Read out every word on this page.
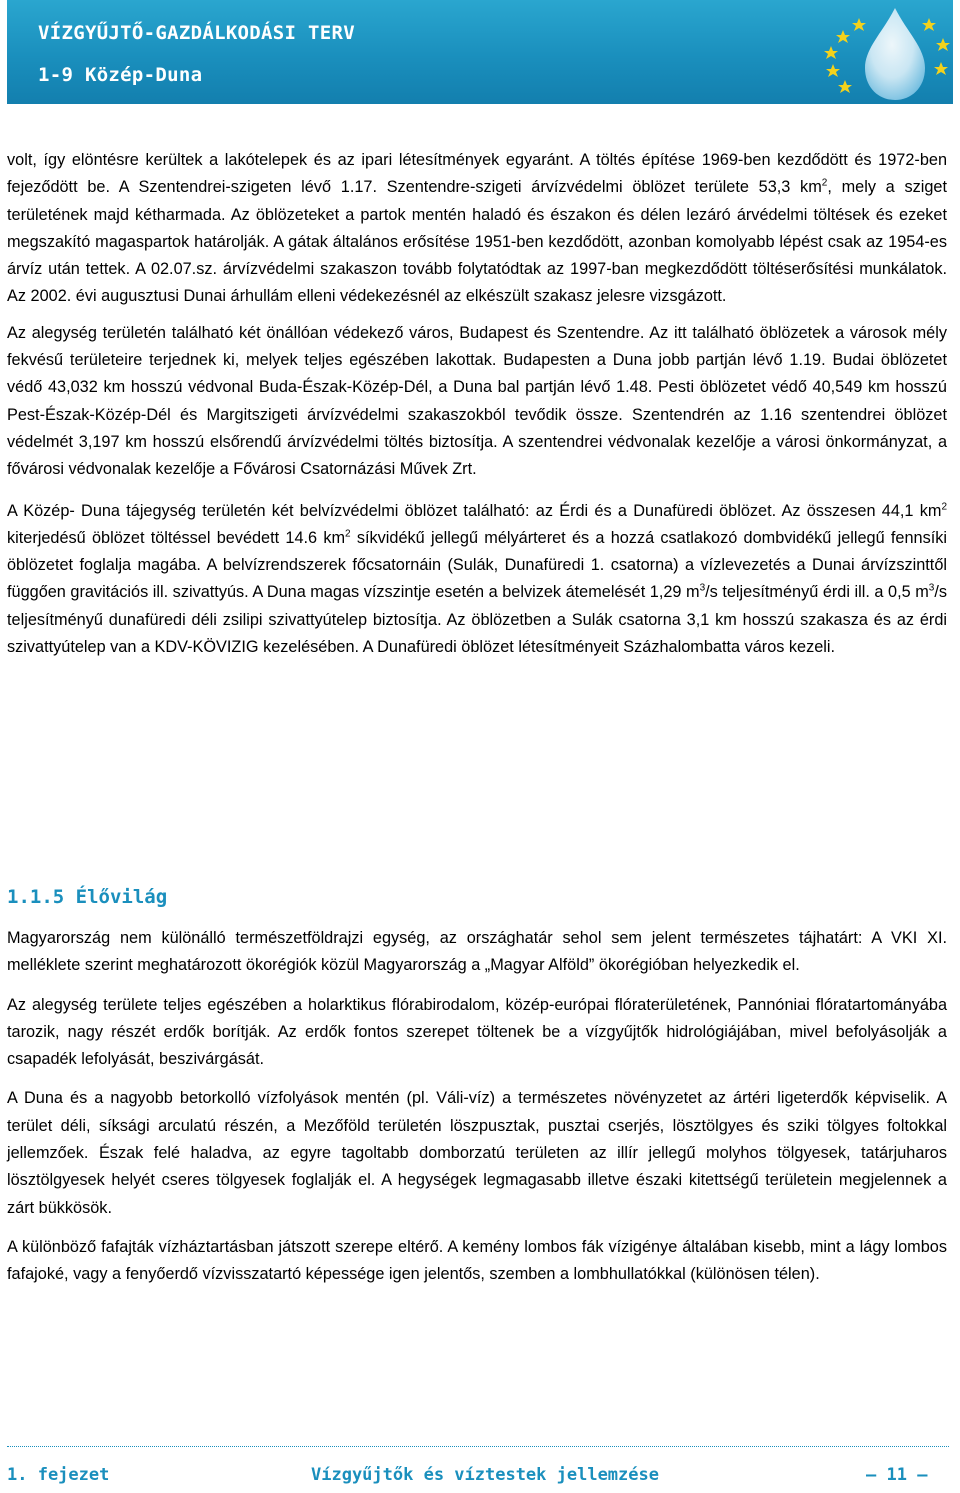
VÍZGYŰJTŐ-GAZDÁLKODÁSI TERV
1-9 Közép-Duna

volt, így elöntésre kerültek a lakótelepek és az ipari létesítmények egyaránt. A töltés építése 1969-ben kezdődött és 1972-ben fejeződött be. A Szentendrei-szigeten lévő 1.17. Szentendre-szigeti árvízvédelmi öblözet területe 53,3 $km^2$, mely a sziget területének majd kétharmada. Az öblözeteket a partok mentén haladó és északon és délen lezáró árvédelmi töltések és ezeket megszakító magaspartok határolják. A gátak általános erősítése 1951-ben kezdődött, azonban komolyabb lépést csak az 1954-es árvíz után tettek. A 02.07.sz. árvízvédelmi szakaszon tovább folytatódtak az 1997-ban megkezdődött töltéserősítési munkálatok. Az 2002. évi augusztusi Dunai árhullám elleni védekezésnél az elkészült szakasz jelesre vizsgázott.

Az alegység területén található két önállóan védekező város, Budapest és Szentendre. Az itt található öblözetek a városok mély fekvésű területeire terjednek ki, melyek teljes egészében lakottak. Budapesten a Duna jobb partján lévő 1.19. Budai öblözetet védő 43,032 km hosszú védvonal Buda-Észak-Közép-Dél, a Duna bal partján lévő 1.48. Pesti öblözetet védő 40,549 km hosszú Pest-Észak-Közép-Dél és Margitszigeti árvízvédelmi szakaszokból tevődik össze. Szentendrén az 1.16 szentendrei öblözet védelmét 3,197 km hosszú elsőrendű árvízvédelmi töltés biztosítja. A szentendrei védvonalak kezelője a városi önkormányzat, a fővárosi védvonalak kezelője a Fővárosi Csatornázási Művek Zrt.

A Közép- Duna tájegység területén két belvízvédelmi öblözet található: az Érdi és a Dunafüredi öblözet. Az összesen 44,1 $km^2$ kiterjedésű öblözet töltéssel bevédett 14.6 $km^2$ síkvidékű jellegű mélyárteret és a hozzá csatlakozó dombvidékű jellegű fennsíki öblözetet foglalja magába. A belvízrendszerek főcsatornáin (Sulák, Dunafüredi 1. csatorna) a vízlevezetés a Dunai árvízszinttől függően gravitációs ill. szivattyús. A Duna magas vízszintje esetén a belvizek átemelését 1,29 $m^3/s$ teljesítményű érdi ill. a 0,5 $m^3/s$ teljesítményű dunafüredi déli zsilipi szivattyútelep biztosítja. Az öblözetben a Sulák csatorna 3,1 km hosszú szakasza és az érdi szivattyútelep van a KDV-KÖVIZIG kezelésében. A Dunafüredi öblözet létesítményeit Százhalombatta város kezeli.

1.1.5 Élővilág

Magyarország nem különálló természetföldrajzi egység, az országhatár sehol sem jelent természetes tájhatárt: A VKI XI. melléklete szerint meghatározott ökorégiók közül Magyarország a „Magyar Alföld” ökorégióban helyezkedik el.

Az alegység területe teljes egészében a holarktikus flórabirodalom, közép-európai flóraterületének, Pannóniai flóratartományába tarozik, nagy részét erdők borítják. Az erdők fontos szerepet töltenek be a vízgyűjtők hidrológiájában, mivel befolyásolják a csapadék lefolyását, beszivárgását.

A Duna és a nagyobb betorkolló vízfolyások mentén (pl. Váli-víz) a természetes növényzetet az ártéri ligeterdők képviselik. A terület déli, síksági arculatú részén, a Mezőföld területén löszpusztak, pusztai cserjés, lösztölgyes és sziki tölgyes foltokkal jellemzőek. Észak felé haladva, az egyre tagoltabb domborzatú területen az illír jellegű molyhos tölgyesek, tatárjuharos lösztölgyesek helyét cseres tölgyesek foglalják el. A hegységek legmagasabb illetve északi kitettségű területein megjelennek a zárt bükkösök.

A különböző fafajták vízháztartásban játszott szerepe eltérő. A kemény lombos fák vízigénye általában kisebb, mint a lágy lombos fafajoké, vagy a fenyőerdő vízvisszatartó képessége igen jelentős, szemben a lombhullatókkal (különösen télen).

1. fejezet	Vízgyűjtők és víztestek jellemzése	— 11 —
